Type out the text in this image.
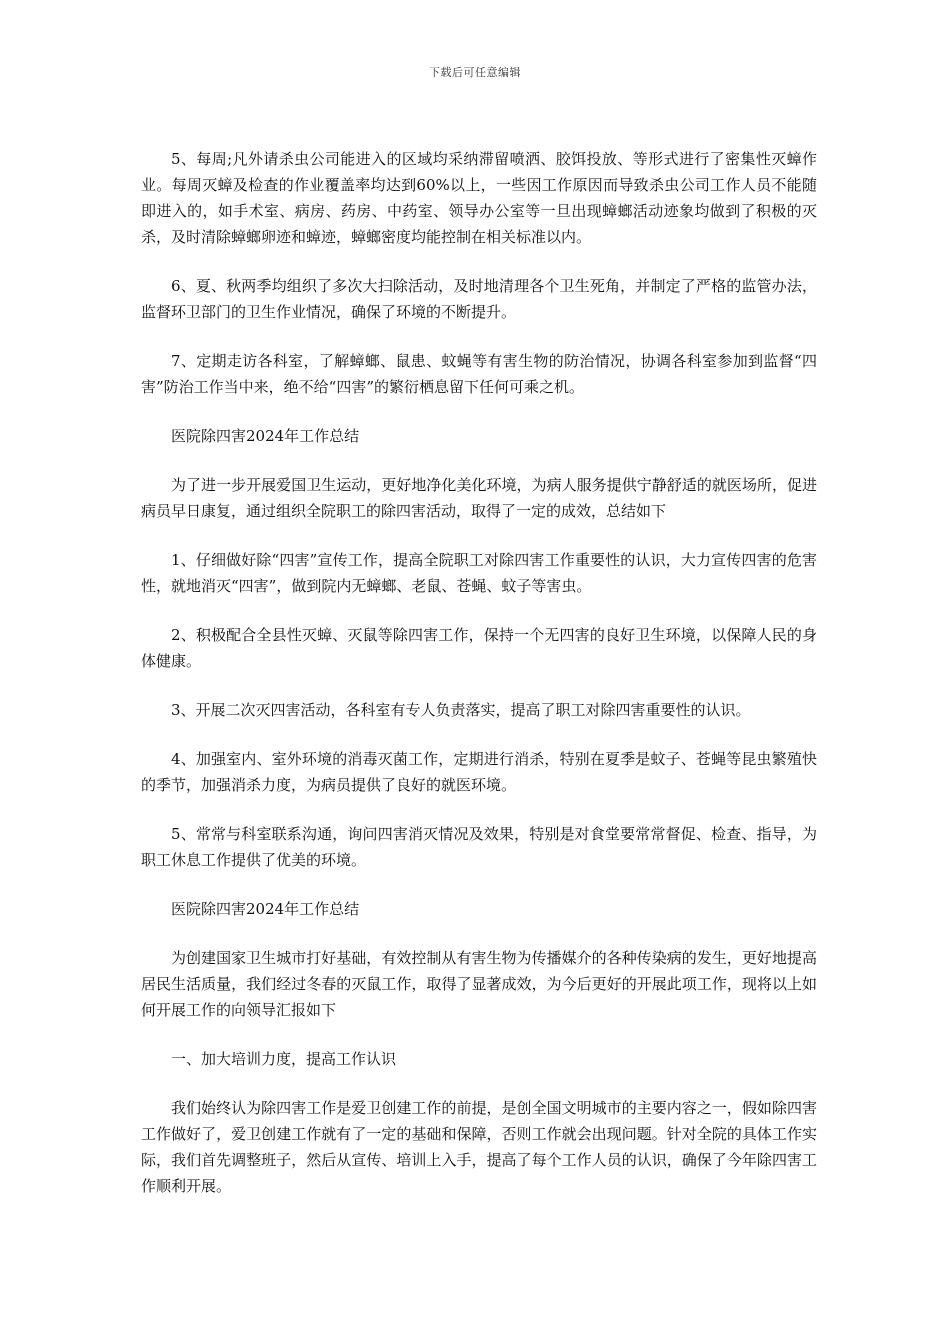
下载后可任意编辑

5、每周;凡外请杀虫公司能进入的区域均采纳滞留喷洒、胶饵投放、等形式进行了密集性灭蟑作业。每周灭蟑及检查的作业覆盖率均达到60%以上，一些因工作原因而导致杀虫公司工作人员不能随即进入的，如手术室、病房、药房、中药室、领导办公室等一旦出现蟑螂活动迹象均做到了积极的灭杀，及时清除蟑螂卵迹和蟑迹，蟑螂密度均能控制在相关标准以内。

6、夏、秋两季均组织了多次大扫除活动，及时地清理各个卫生死角，并制定了严格的监管办法，监督环卫部门的卫生作业情况，确保了环境的不断提升。

7、定期走访各科室，了解蟑螂、鼠患、蚊蝇等有害生物的防治情况，协调各科室参加到监督“四害”防治工作当中来，绝不给“四害”的繁衍栖息留下任何可乘之机。

医院除四害2024年工作总结

为了进一步开展爱国卫生运动，更好地净化美化环境，为病人服务提供宁静舒适的就医场所，促进病员早日康复，通过组织全院职工的除四害活动，取得了一定的成效，总结如下

1、仔细做好除“四害”宣传工作，提高全院职工对除四害工作重要性的认识，大力宣传四害的危害性，就地消灭“四害”，做到院内无蟑螂、老鼠、苍蝇、蚊子等害虫。

2、积极配合全县性灭蟑、灭鼠等除四害工作，保持一个无四害的良好卫生环境，以保障人民的身体健康。

3、开展二次灭四害活动，各科室有专人负责落实，提高了职工对除四害重要性的认识。

4、加强室内、室外环境的消毒灭菌工作，定期进行消杀，特别在夏季是蚊子、苍蝇等昆虫繁殖快的季节，加强消杀力度，为病员提供了良好的就医环境。

5、常常与科室联系沟通，询问四害消灭情况及效果，特别是对食堂要常常督促、检查、指导，为职工休息工作提供了优美的环境。

医院除四害2024年工作总结

为创建国家卫生城市打好基础，有效控制从有害生物为传播媒介的各种传染病的发生，更好地提高居民生活质量，我们经过冬春的灭鼠工作，取得了显著成效，为今后更好的开展此项工作，现将以上如何开展工作的向领导汇报如下

一、加大培训力度，提高工作认识

我们始终认为除四害工作是爱卫创建工作的前提，是创全国文明城市的主要内容之一，假如除四害工作做好了，爱卫创建工作就有了一定的基础和保障，否则工作就会出现问题。针对全院的具体工作实际，我们首先调整班子，然后从宣传、培训上入手，提高了每个工作人员的认识，确保了今年除四害工作顺利开展。
